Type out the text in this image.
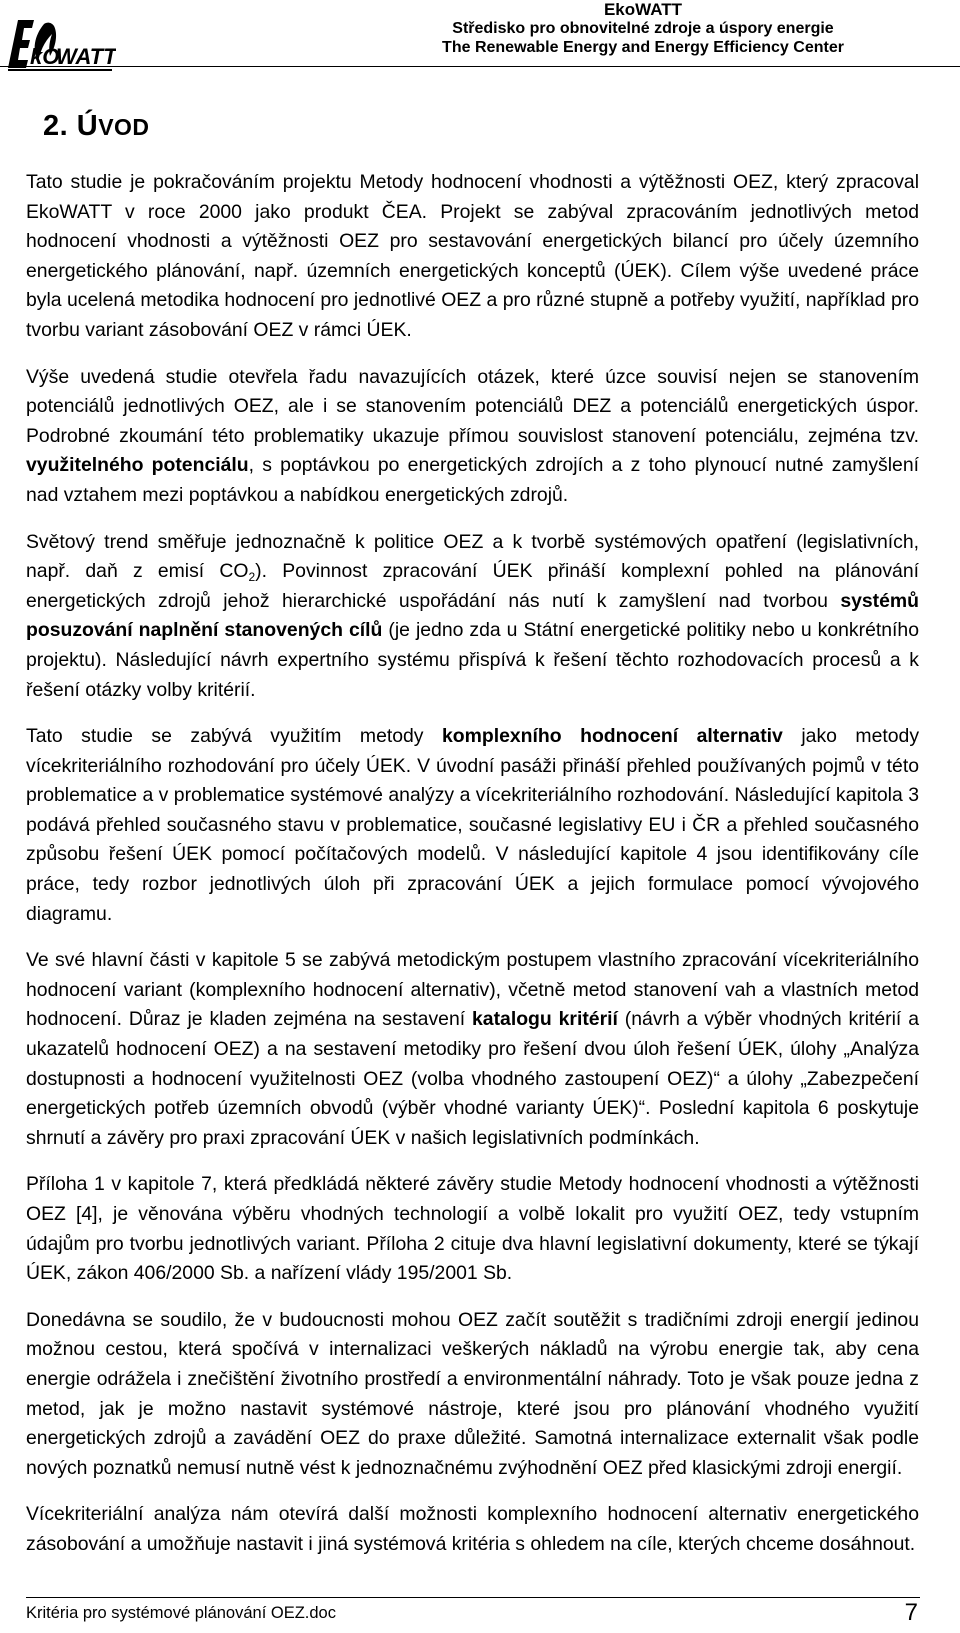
kO
WATT
EkoWATT
Středisko pro obnovitelné zdroje a úspory energie
The Renewable Energy and Energy Efficiency Center
2. ÚVOD

Tato studie je pokračováním projektu Metody hodnocení vhodnosti a výtěžnosti OEZ, který zpracoval EkoWATT v roce 2000 jako produkt ČEA. Projekt se zabýval zpracováním jednotlivých metod hodnocení vhodnosti a výtěžnosti OEZ pro sestavování energetických bilancí pro účely územního energetického plánování, např. územních energetických konceptů (ÚEK). Cílem výše uvedené práce byla ucelená metodika hodnocení pro jednotlivé OEZ a pro různé stupně a potřeby využití, například pro tvorbu variant zásobování OEZ v rámci ÚEK.

Výše uvedená studie otevřela řadu navazujících otázek, které úzce souvisí nejen se stanovením potenciálů jednotlivých OEZ, ale i se stanovením potenciálů DEZ a potenciálů energetických úspor. Podrobné zkoumání této problematiky ukazuje přímou souvislost stanovení potenciálu, zejména tzv. využitelného potenciálu, s poptávkou po energetických zdrojích a z toho plynoucí nutné zamyšlení nad vztahem mezi poptávkou a nabídkou energetických zdrojů.

Světový trend směřuje jednoznačně k politice OEZ a k tvorbě systémových opatření (legislativních, např. daň z emisí $CO_2$). Povinnost zpracování ÚEK přináší komplexní pohled na plánování energetických zdrojů jehož hierarchické uspořádání nás nutí k zamyšlení nad tvorbou systémů posuzování naplnění stanovených cílů (je jedno zda u Státní energetické politiky nebo u konkrétního projektu). Následující návrh expertního systému přispívá k řešení těchto rozhodovacích procesů a k řešení otázky volby kritérií.

Tato studie se zabývá využitím metody komplexního hodnocení alternativ jako metody vícekriteriálního rozhodování pro účely ÚEK. V úvodní pasáži přináší přehled používaných pojmů v této problematice a v problematice systémové analýzy a vícekriteriálního rozhodování. Následující kapitola 3 podává přehled současného stavu v problematice, současné legislativy EU i ČR a přehled současného způsobu řešení ÚEK pomocí počítačových modelů. V následující kapitole 4 jsou identifikovány cíle práce, tedy rozbor jednotlivých úloh při zpracování ÚEK a jejich formulace pomocí vývojového diagramu.

Ve své hlavní části v kapitole 5 se zabývá metodickým postupem vlastního zpracování vícekriteriálního hodnocení variant (komplexního hodnocení alternativ), včetně metod stanovení vah a vlastních metod hodnocení. Důraz je kladen zejména na sestavení katalogu kritérií (návrh a výběr vhodných kritérií a ukazatelů hodnocení OEZ) a na sestavení metodiky pro řešení dvou úloh řešení ÚEK, úlohy „Analýza dostupnosti a hodnocení využitelnosti OEZ (volba vhodného zastoupení OEZ)“ a úlohy „Zabezpečení energetických potřeb územních obvodů (výběr vhodné varianty ÚEK)“. Poslední kapitola 6 poskytuje shrnutí a závěry pro praxi zpracování ÚEK v našich legislativních podmínkách.

Příloha 1 v kapitole 7, která předkládá některé závěry studie Metody hodnocení vhodnosti a výtěžnosti OEZ [4], je věnována výběru vhodných technologií a volbě lokalit pro využití OEZ, tedy vstupním údajům pro tvorbu jednotlivých variant. Příloha 2 cituje dva hlavní legislativní dokumenty, které se týkají ÚEK, zákon 406/2000 Sb. a nařízení vlády 195/2001 Sb.

Donedávna se soudilo, že v budoucnosti mohou OEZ začít soutěžit s tradičními zdroji energií jedinou možnou cestou, která spočívá v internalizaci veškerých nákladů na výrobu energie tak, aby cena energie odrážela i znečištění životního prostředí a environmentální náhrady. Toto je však pouze jedna z metod, jak je možno nastavit systémové nástroje, které jsou pro plánování vhodného využití energetických zdrojů a zavádění OEZ do praxe důležité. Samotná internalizace externalit však podle nových poznatků nemusí nutně vést k jednoznačnému zvýhodnění OEZ před klasickými zdroji energií.

Vícekriteriální analýza nám otevírá další možnosti komplexního hodnocení alternativ energetického zásobování a umožňuje nastavit i jiná systémová kritéria s ohledem na cíle, kterých chceme dosáhnout.

Kritéria pro systémové plánování OEZ.doc	7
